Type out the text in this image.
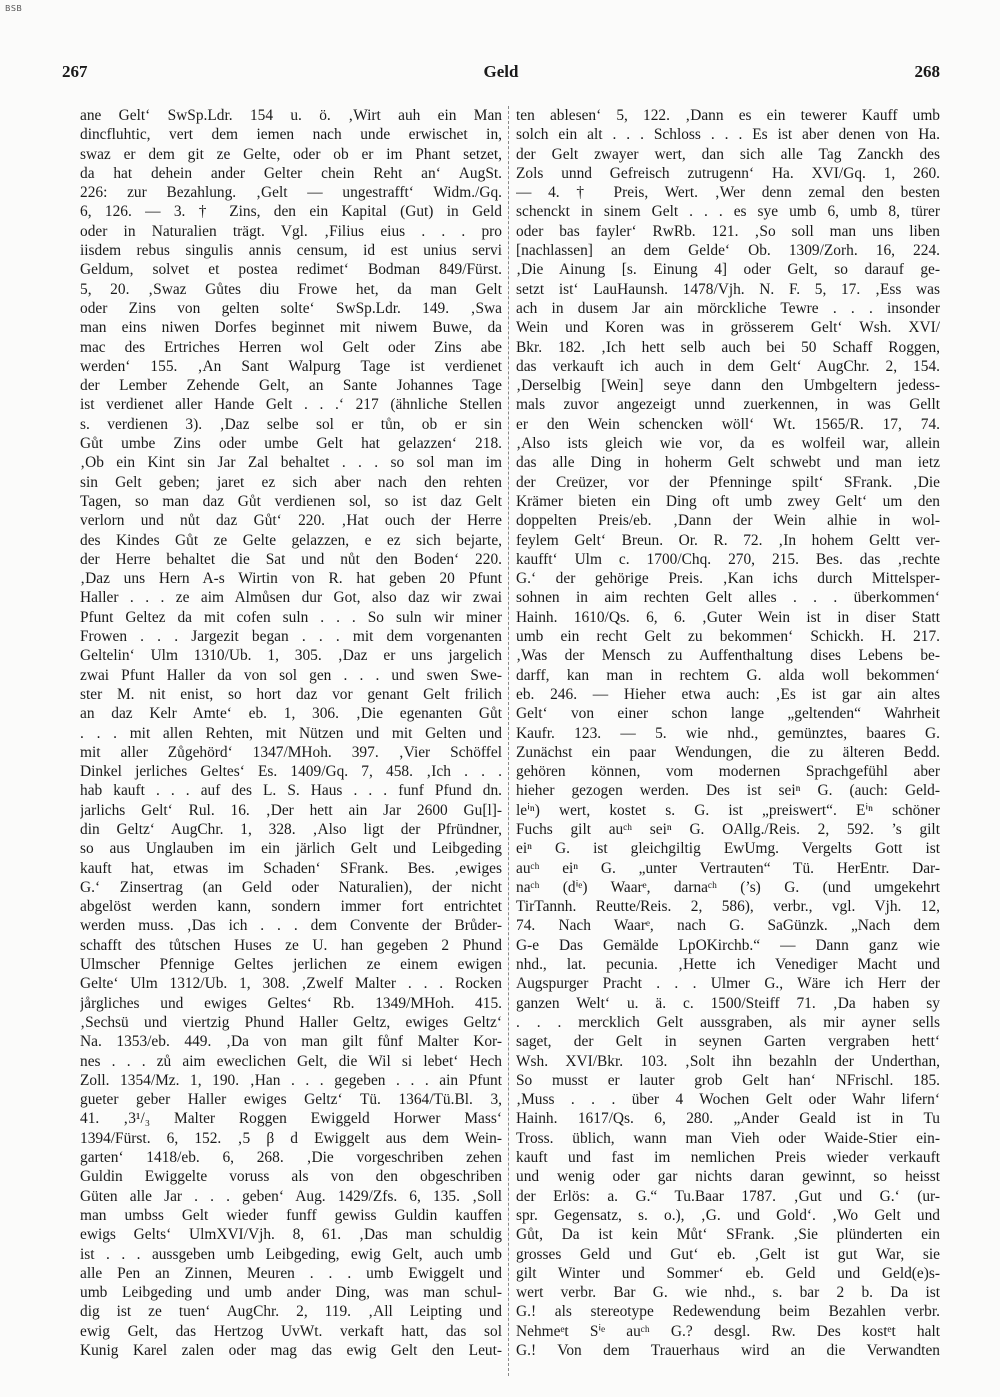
BSB
267	Geld	268
ane Gelt‘ SwSp.Ldr. 154 u. ö. ‚Wirt auh ein Man
dincfluhtic, vert dem iemen nach unde erwischet in,
swaz er dem git ze Gelte, oder ob er im Phant setzet,
da hat dehein ander Gelter chein Reht an‘ AugSt.
226: zur Bezahlung. ‚Gelt — ungestrafft‘ Widm./Gq.
6, 126. — 3. † Zins, den ein Kapital (Gut) in Geld
oder in Naturalien trägt. Vgl. ‚Filius eius . . . pro
iisdem rebus singulis annis censum, id est unius servi
Geldum, solvet et postea redimet‘ Bodman 849/Fürst.
5, 20. ‚Swaz Gůtes diu Frowe het, da man Gelt
oder Zins von gelten solte‘ SwSp.Ldr. 149. ‚Swa
man eins niwen Dorfes beginnet mit niwem Buwe, da
mac des Ertriches Herren wol Gelt oder Zins abe
werden‘ 155. ‚An Sant Walpurg Tage ist verdienet
der Lember Zehende Gelt, an Sante Johannes Tage
ist verdienet aller Hande Gelt . . .‘ 217 (ähnliche Stellen
s. verdienen 3). ‚Daz selbe sol er tůn, ob er sin
Gůt umbe Zins oder umbe Gelt hat gelazzen‘ 218.
‚Ob ein Kint sin Jar Zal behaltet . . . so sol man im
sin Gelt geben; jaret ez sich aber nach den rehten
Tagen, so man daz Gůt verdienen sol, so ist daz Gelt
verlorn und nůt daz Gůt‘ 220. ‚Hat ouch der Herre
des Kindes Gůt ze Gelte gelazzen, e ez sich bejarte,
der Herre behaltet die Sat und nůt den Boden‘ 220.
‚Daz uns Hern A-s Wirtin von R. hat geben 20 Pfunt
Haller . . . ze aim Almůsen dur Got, also daz wir zwai
Pfunt Geltez da mit cofen suln . . . So suln wir miner
Frowen . . . Jargezit began . . . mit dem vorgenanten
Geltelin‘ Ulm 1310/Ub. 1, 305. ‚Daz er uns jargelich
zwai Pfunt Haller da von sol gen . . . und swen Swe-
ster M. nit enist, so hort daz vor genant Gelt frilich
an daz Kelr Amte‘ eb. 1, 306. ‚Die egenanten Gůt
. . . mit allen Rehten, mit Nützen und mit Gelten und
mit aller Zůgehörd‘ 1347/MHoh. 397. ‚Vier Schöffel
Dinkel jerliches Geltes‘ Es. 1409/Gq. 7, 458. ‚Ich . . .
hab kauft . . . auf des L. S. Haus . . . funf Pfund dn.
jarlichs Gelt‘ Rul. 16. ‚Der hett ain Jar 2600 Gu[l]-
din Geltz‘ AugChr. 1, 328. ‚Also ligt der Pfründner,
so aus Unglauben im ein järlich Gelt und Leibgeding
kauft hat, etwas im Schaden‘ SFrank. Bes. ‚ewiges
G.‘ Zinsertrag (an Geld oder Naturalien), der nicht
abgelöst werden kann, sondern immer fort entrichtet
werden muss. ‚Das ich . . . dem Convente der Brůder-
schafft des tůtschen Huses ze U. han gegeben 2 Phund
Ulmscher Pfennige Geltes jerlichen ze einem ewigen
Gelte‘ Ulm 1312/Ub. 1, 308. ‚Zwelf Malter . . . Rocken
jårgliches und ewiges Geltes‘ Rb. 1349/MHoh. 415.
‚Sechsü und viertzig Phund Haller Geltz, ewiges Geltz‘
Na. 1353/eb. 449. ‚Da von man gilt fůnf Malter Kor-
nes . . . zů aim eweclichen Gelt, die Wil si lebet‘ Hech
Zoll. 1354/Mz. 1, 190. ‚Han . . . gegeben . . . ain Pfunt
gueter geber Haller ewiges Geltz‘ Tü. 1364/Tü.Bl. 3,
41. ‚3¹/₃ Malter Roggen Ewiggeld Horwer Mass‘
1394/Fürst. 6, 152. ‚5 β d Ewiggelt aus dem Wein-
garten‘ 1418/eb. 6, 268. ‚Die vorgeschriben zehen
Guldin Ewiggelte voruss als von den obgeschriben
Güten alle Jar . . . geben‘ Aug. 1429/Zfs. 6, 135. ‚Soll
man umbss Gelt wieder funff gewiss Guldin kauffen
ewigs Gelts‘ UlmXVI/Vjh. 8, 61. ‚Das man schuldig
ist . . . aussgeben umb Leibgeding, ewig Gelt, auch umb
alle Pen an Zinnen, Meuren . . . umb Ewiggelt und
umb Leibgeding und umb ander Ding, was man schul-
dig ist ze tuen‘ AugChr. 2, 119. ‚All Leipting und
ewig Gelt, das Hertzog UvWt. verkaft hatt, das sol
Kunig Karel zalen oder mag das ewig Gelt den Leut-
ten ablesen‘ 5, 122. ‚Dann es ein tewerer Kauff umb
solch ein alt . . . Schloss . . . Es ist aber denen von Ha.
der Gelt zwayer wert, dan sich alle Tag Zanckh des
Zols unnd Gefreisch zutrugenn‘ Ha. XVI/Gq. 1, 260.
— 4. † Preis, Wert. ‚Wer denn zemal den besten
schenckt in sinem Gelt . . . es sye umb 6, umb 8, türer
oder bas fayler‘ RwRb. 121. ‚So soll man uns liben
[nachlassen] an dem Gelde‘ Ob. 1309/Zorh. 16, 224.
‚Die Ainung [s. Einung 4] oder Gelt, so darauf ge-
setzt ist‘ LauHaunsh. 1478/Vjh. N. F. 5, 17. ‚Ess was
ach in dusem Jar ain mörckliche Tewre . . . insonder
Wein und Koren was in grösserem Gelt‘ Wsh. XVI/
Bkr. 182. ‚Ich hett selb auch bei 50 Schaff Roggen,
das verkauft ich auch in dem Gelt‘ AugChr. 2, 154.
‚Derselbig [Wein] seye dann den Umbgeltern jedess-
mals zuvor angezeigt unnd zuerkennen, in was Gellt
er den Wein schencken wöll‘ Wt. 1565/R. 17, 74.
‚Also ists gleich wie vor, da es wolfeil war, allein
das alle Ding in hoherm Gelt schwebt und man ietz
der Creüzer, vor der Pfenninge spilt‘ SFrank. ‚Die
Krämer bieten ein Ding oft umb zwey Gelt‘ um den
doppelten Preis/eb. ‚Dann der Wein alhie in wol-
feylem Gelt‘ Breun. Or. R. 72. ‚In hohem Geltt ver-
kaufft‘ Ulm c. 1700/Chq. 270, 215. Bes. das ‚rechte
G.‘ der gehörige Preis. ‚Kan ichs durch Mittelsper-
sohnen in aim rechten Gelt alles . . . überkommen‘
Hainh. 1610/Qs. 6, 6. ‚Guter Wein ist in diser Statt
umb ein recht Gelt zu bekommen‘ Schickh. H. 217.
‚Was der Mensch zu Auffenthaltung dises Lebens be-
darff, kan man in rechtem G. alda woll bekommen‘
eb. 246. — Hieher etwa auch: ‚Es ist gar ain altes
Gelt‘ von einer schon lange „geltenden“ Wahrheit
Kaufr. 123. — 5. wie nhd., gemünztes, baares G.
Zunächst ein paar Wendungen, die zu älteren Bedd.
gehören können, vom modernen Sprachgefühl aber
hieher gezogen werden. Des ist seiⁿ G. (auch: Geld-
leⁱⁿ) wert, kostet s. G. ist „preiswert“. Eⁱⁿ schöner
Fuchs gilt auᶜʰ seiⁿ G. OAllg./Reis. 2, 592. ’s gilt
eiⁿ G. ist gleichgiltig EwUmg. Vergelts Gott ist
auᶜʰ eiⁿ G. „unter Vertrauten“ Tü. HerEntr. Dar-
naᶜʰ (dⁱᵉ) Waarᵉ, darnaᶜʰ (’s) G. (und umgekehrt
TirTannh. Reutte/Reis. 2, 586), verbr., vgl. Vjh. 12,
74. Nach Waarᵉ, nach G. SaGünzk. „Nach dem
G-e Das Gemälde LpOKirchb.“ — Dann ganz wie
nhd., lat. pecunia. ‚Hette ich Venediger Macht und
Augspurger Pracht . . . Ulmer G., Wäre ich Herr der
ganzen Welt‘ u. ä. c. 1500/Steiff 71. ‚Da haben sy
. . . mercklich Gelt aussgraben, als mir ayner sells
saget, der Gelt in seynen Garten vergraben hett‘
Wsh. XVI/Bkr. 103. ‚Solt ihn bezahln der Underthan,
So musst er lauter grob Gelt han‘ NFrischl. 185.
‚Muss . . . über 4 Wochen Gelt oder Wahr lifern‘
Hainh. 1617/Qs. 6, 280. „Ander Geald ist in Tu
Tross. üblich, wann man Vieh oder Waide-Stier ein-
kauft und fast im nemlichen Preis wieder verkauft
und wenig oder gar nichts daran gewinnt, so heisst
der Erlös: a. G.“ Tu.Baar 1787. ‚Gut und G.‘ (ur-
spr. Gegensatz, s. o.), ‚G. und Gold‘. ‚Wo Gelt und
Gůt, Da ist kein Můt‘ SFrank. ‚Sie plünderten ein
grosses Geld und Gut‘ eb. ‚Gelt ist gut War, sie
gilt Winter und Sommer‘ eb. Geld und Geld(e)s-
wert verbr. Bar G. wie nhd., s. bar 2 b. Da ist
G.! als stereotype Redewendung beim Bezahlen verbr.
Nehmeᵉt Sⁱᵉ auᶜʰ G.? desgl. Rw. Des kostᵉt halt
G.! Von dem Trauerhaus wird an die Verwandten
